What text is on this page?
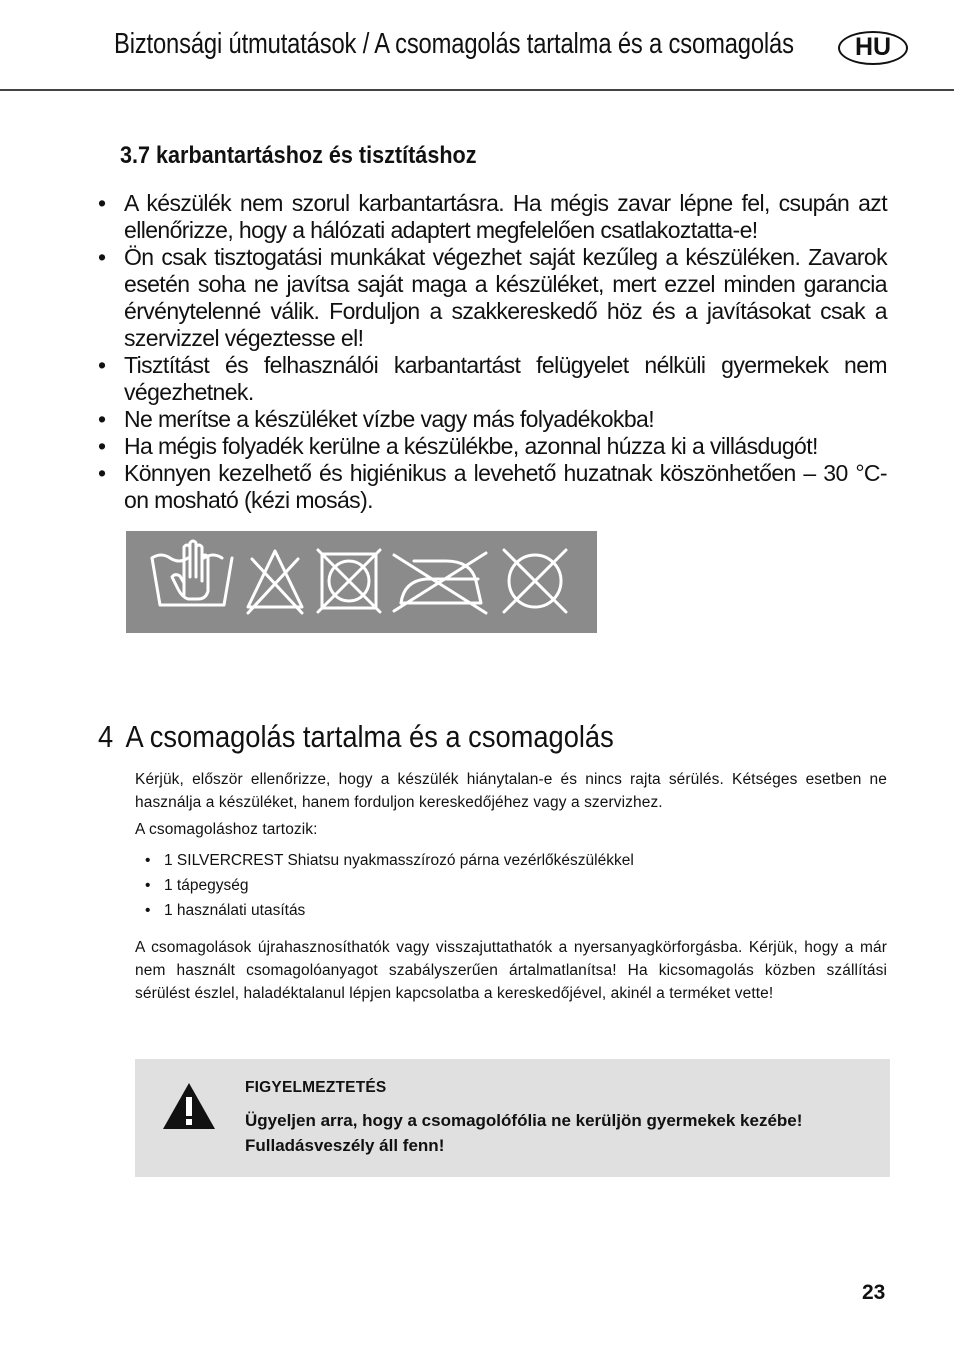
Biztonsági útmutatások / A csomagolás tartalma és a csomagolás	HU
3.7 karbantartáshoz és tisztításhoz
• A készülék nem szorul karbantartásra. Ha mégis zavar lépne fel, csupán azt ellenőrizze, hogy a hálózati adaptert megfelelően csatlakoztatta-e!
• Ön csak tisztogatási munkákat végezhet saját kezűleg a készüléken. Zavarok esetén soha ne javítsa saját maga a készüléket, mert ezzel minden garancia érvénytelenné válik. Forduljon a szakkereskedő höz és a javításokat csak a szervizzel végeztesse el!
• Tisztítást és felhasználói karbantartást felügyelet nélküli gyermekek nem végezhetnek.
• Ne merítse a készüléket vízbe vagy más folyadékokba!
• Ha mégis folyadék kerülne a készülékbe, azonnal húzza ki a villásdugót!
• Könnyen kezelhető és higiénikus a levehető huzatnak köszönhetően – 30 °C-on mosható (kézi mosás).
4 A csomagolás tartalma és a csomagolás

Kérjük, először ellenőrizze, hogy a készülék hiánytalan-e és nincs rajta sérülés. Kétséges esetben ne használja a készüléket, hanem forduljon kereskedőjéhez vagy a szervizhez.

A csomagoláshoz tartozik:

• 1 SILVERCREST Shiatsu nyakmasszírozó párna vezérlőkészülékkel
• 1 tápegység
• 1 használati utasítás

A csomagolások újrahasznosíthatók vagy visszajuttathatók a nyersanyagkörforgásba. Kérjük, hogy a már nem használt csomagolóanyagot szabályszerűen ártalmatlanítsa! Ha kicsomagolás közben szállítási sérülést észlel, haladéktalanul lépjen kapcsolatba a kereskedőjével, akinél a terméket vette!

FIGYELMEZTETÉS
Ügyeljen arra, hogy a csomagolófólia ne kerüljön gyermekek kezébe! Fulladásveszély áll fenn!
23
